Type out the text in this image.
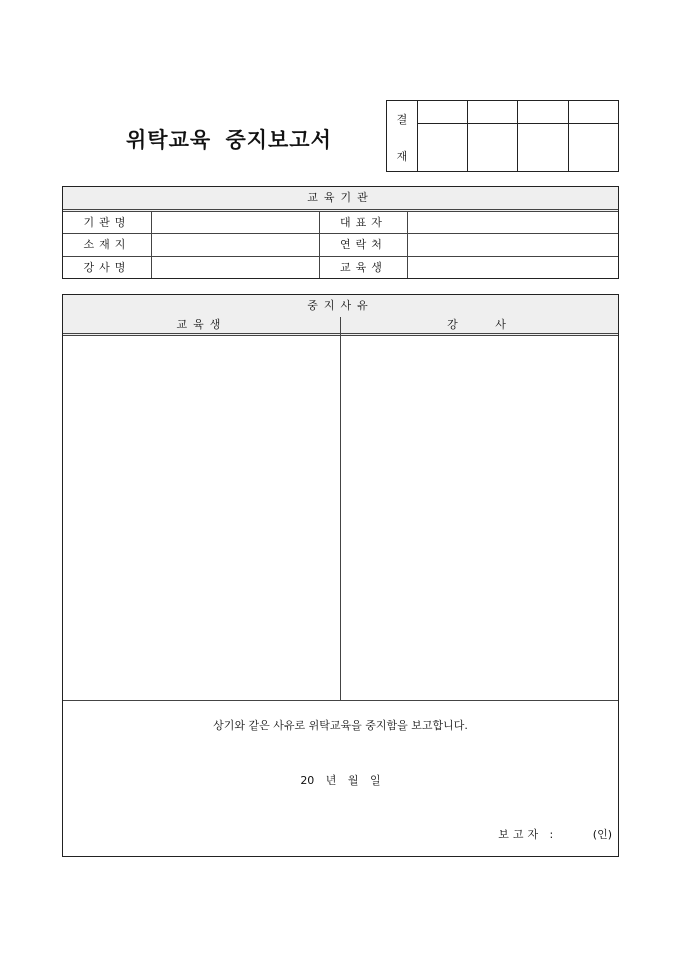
위탁교육 중지보고서
결
재
교육기관
기관명	대표자
소재지	연락처
강사명	교육생
중지사유
교육생	강 사
상기와 같은 사유로 위탁교육을 중지함을 보고합니다.
20 년 월 일
보고자 :	(인)
